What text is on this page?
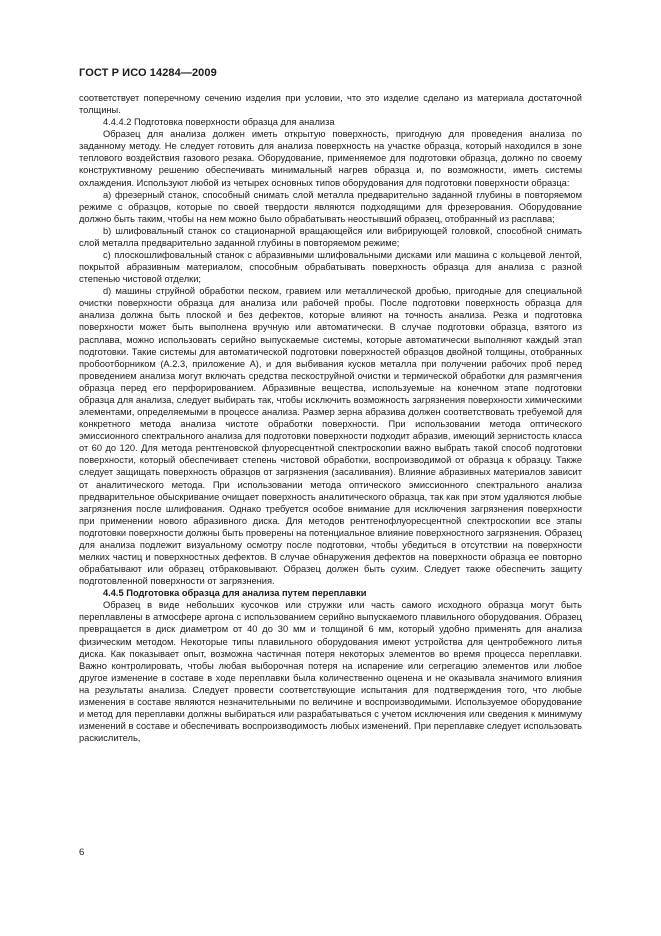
ГОСТ Р ИСО 14284—2009

соответствует поперечному сечению изделия при условии, что это изделие сделано из материала достаточной толщины.

4.4.4.2 Подготовка поверхности образца для анализа

Образец для анализа должен иметь открытую поверхность, пригодную для проведения анализа по заданному методу. Не следует готовить для анализа поверхность на участке образца, который находился в зоне теплового воздействия газового резака. Оборудование, применяемое для подготовки образца, должно по своему конструктивному решению обеспечивать минимальный нагрев образца и, по возможности, иметь системы охлаждения. Используют любой из четырех основных типов оборудования для подготовки поверхности образца:

а) фрезерный станок, способный снимать слой металла предварительно заданной глубины в повторяемом режиме с образцов, которые по своей твердости являются подходящими для фрезерования. Оборудование должно быть таким, чтобы на нем можно было обрабатывать неостывший образец, отобранный из расплава;

b) шлифовальный станок со стационарной вращающейся или вибрирующей головкой, способной снимать слой металла предварительно заданной глубины в повторяемом режиме;

с) плоскошлифовальный станок с абразивными шлифовальными дисками или машина с кольцевой лентой, покрытой абразивным материалом, способным обрабатывать поверхность образца для анализа с разной степенью чистовой отделки;

d) машины струйной обработки песком, гравием или металлической дробью, пригодные для специальной очистки поверхности образца для анализа или рабочей пробы. После подготовки поверхность образца для анализа должна быть плоской и без дефектов, которые влияют на точность анализа. Резка и подготовка поверхности может быть выполнена вручную или автоматически. В случае подготовки образца, взятого из расплава, можно использовать серийно выпускаемые системы, которые автоматически выполняют каждый этап подготовки. Такие системы для автоматической подготовки поверхностей образцов двойной толщины, отобранных пробоотборником (А.2.3, приложение А), и для выбивания кусков металла при получении рабочих проб перед проведением анализа могут включать средства пескоструйной очистки и термической обработки для размягчения образца перед его перфорированием. Абразивные вещества, используемые на конечном этапе подготовки образца для анализа, следует выбирать так, чтобы исключить возможность загрязнения поверхности химическими элементами, определяемыми в процессе анализа. Размер зерна абразива должен соответствовать требуемой для конкретного метода анализа чистоте обработки поверхности. При использовании метода оптического эмиссионного спектрального анализа для подготовки поверхности подходит абразив, имеющий зернистость класса от 60 до 120. Для метода рентгеновской флуоресцентной спектроскопии важно выбрать такой способ подготовки поверхности, который обеспечивает степень чистовой обработки, воспроизводимой от образца к образцу. Также следует защищать поверхность образцов от загрязнения (засаливания). Влияние абразивных материалов зависит от аналитического метода. При использовании метода оптического эмиссионного спектрального анализа предварительное обыскривание очищает поверхность аналитического образца, так как при этом удаляются любые загрязнения после шлифования. Однако требуется особое внимание для исключения загрязнения поверхности при применении нового абразивного диска. Для методов рентгенофлуоресцентной спектроскопии все этапы подготовки поверхности должны быть проверены на потенциальное влияние поверхностного загрязнения. Образец для анализа подлежит визуальному осмотру после подготовки, чтобы убедиться в отсутствии на поверхности мелких частиц и поверхностных дефектов. В случае обнаружения дефектов на поверхности образца ее повторно обрабатывают или образец отбраковывают. Образец должен быть сухим. Следует также обеспечить защиту подготовленной поверхности от загрязнения.

4.4.5 Подготовка образца для анализа путем переплавки

Образец в виде небольших кусочков или стружки или часть самого исходного образца могут быть переплавлены в атмосфере аргона с использованием серийно выпускаемого плавильного оборудования. Образец превращается в диск диаметром от 40 до 30 мм и толщиной 6 мм, который удобно применять для анализа физическим методом. Некоторые типы плавильного оборудования имеют устройства для центробежного литья диска. Как показывает опыт, возможна частичная потеря некоторых элементов во время процесса переплавки. Важно контролировать, чтобы любая выборочная потеря на испарение или сегрегацию элементов или любое другое изменение в составе в ходе переплавки была количественно оценена и не оказывала значимого влияния на результаты анализа. Следует провести соответствующие испытания для подтверждения того, что любые изменения в составе являются незначительными по величине и воспроизводимыми. Используемое оборудование и метод для переплавки должны выбираться или разрабатываться с учетом исключения или сведения к минимуму изменений в составе и обеспечивать воспроизводимость любых изменений. При переплавке следует использовать раскислитель,

6
